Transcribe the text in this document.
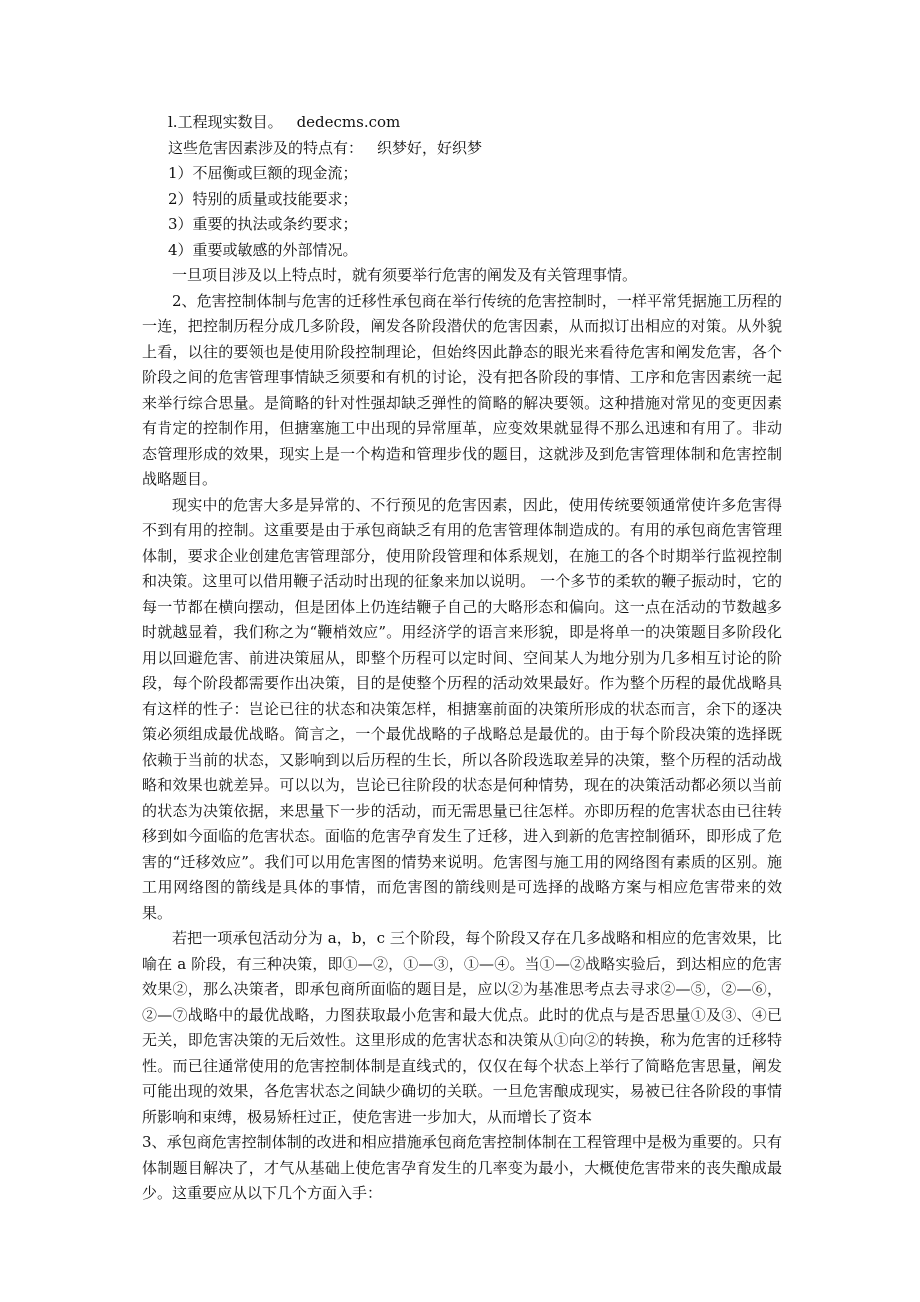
l.工程现实数目。 dedecms.com

这些危害因素涉及的特点有： 织梦好，好织梦

1）不屈衡或巨额的现金流；

2）特别的质量或技能要求；

3）重要的执法或条约要求；

4）重要或敏感的外部情况。

一旦项目涉及以上特点时，就有须要举行危害的阐发及有关管理事情。

2、危害控制体制与危害的迁移性承包商在举行传统的危害控制时，一样平常凭据施工历程的一连，把控制历程分成几多阶段，阐发各阶段潜伏的危害因素，从而拟订出相应的对策。从外貌上看，以往的要领也是使用阶段控制理论，但始终因此静态的眼光来看待危害和阐发危害，各个阶段之间的危害管理事情缺乏须要和有机的讨论，没有把各阶段的事情、工序和危害因素统一起来举行综合思量。是简略的针对性强却缺乏弹性的简略的解决要领。这种措施对常见的变更因素有肯定的控制作用，但搪塞施工中出现的异常厘革，应变效果就显得不那么迅速和有用了。非动态管理形成的效果，现实上是一个构造和管理步伐的题目，这就涉及到危害管理体制和危害控制战略题目。

现实中的危害大多是异常的、不行预见的危害因素，因此，使用传统要领通常使许多危害得不到有用的控制。这重要是由于承包商缺乏有用的危害管理体制造成的。有用的承包商危害管理体制，要求企业创建危害管理部分，使用阶段管理和体系规划，在施工的各个时期举行监视控制和决策。这里可以借用鞭子活动时出现的征象来加以说明。 一个多节的柔软的鞭子振动时，它的每一节都在横向摆动，但是团体上仍连结鞭子自己的大略形态和偏向。这一点在活动的节数越多时就越显着，我们称之为“鞭梢效应”。用经济学的语言来形貌，即是将单一的决策题目多阶段化用以回避危害、前进决策屈从，即整个历程可以定时间、空间某人为地分别为几多相互讨论的阶段，每个阶段都需要作出决策，目的是使整个历程的活动效果最好。作为整个历程的最优战略具有这样的性子：岂论已往的状态和决策怎样，相搪塞前面的决策所形成的状态而言，余下的逐决策必须组成最优战略。简言之，一个最优战略的子战略总是最优的。由于每个阶段决策的选择既依赖于当前的状态，又影响到以后历程的生长，所以各阶段选取差异的决策，整个历程的活动战略和效果也就差异。可以以为，岂论已往阶段的状态是何种情势，现在的决策活动都必须以当前的状态为决策依据，来思量下一步的活动，而无需思量已往怎样。亦即历程的危害状态由已往转移到如今面临的危害状态。面临的危害孕育发生了迁移，进入到新的危害控制循环，即形成了危害的“迁移效应”。我们可以用危害图的情势来说明。危害图与施工用的网络图有素质的区别。施工用网络图的箭线是具体的事情，而危害图的箭线则是可选择的战略方案与相应危害带来的效果。

若把一项承包活动分为 a，b，c 三个阶段，每个阶段又存在几多战略和相应的危害效果，比喻在 a 阶段，有三种决策，即①—②，①—③，①—④。当①—②战略实验后，到达相应的危害效果②，那么决策者，即承包商所面临的题目是，应以②为基准思考点去寻求②—⑤，②—⑥，②—⑦战略中的最优战略，力图获取最小危害和最大优点。此时的优点与是否思量①及③、④已无关，即危害决策的无后效性。这里形成的危害状态和决策从①向②的转换，称为危害的迁移特性。而已往通常使用的危害控制体制是直线式的，仅仅在每个状态上举行了简略危害思量，阐发可能出现的效果，各危害状态之间缺少确切的关联。一旦危害酿成现实，易被已往各阶段的事情所影响和束缚，极易矫枉过正，使危害进一步加大，从而增长了资本

3、承包商危害控制体制的改进和相应措施承包商危害控制体制在工程管理中是极为重要的。只有体制题目解决了，才气从基础上使危害孕育发生的几率变为最小，大概使危害带来的丧失酿成最少。这重要应从以下几个方面入手：
